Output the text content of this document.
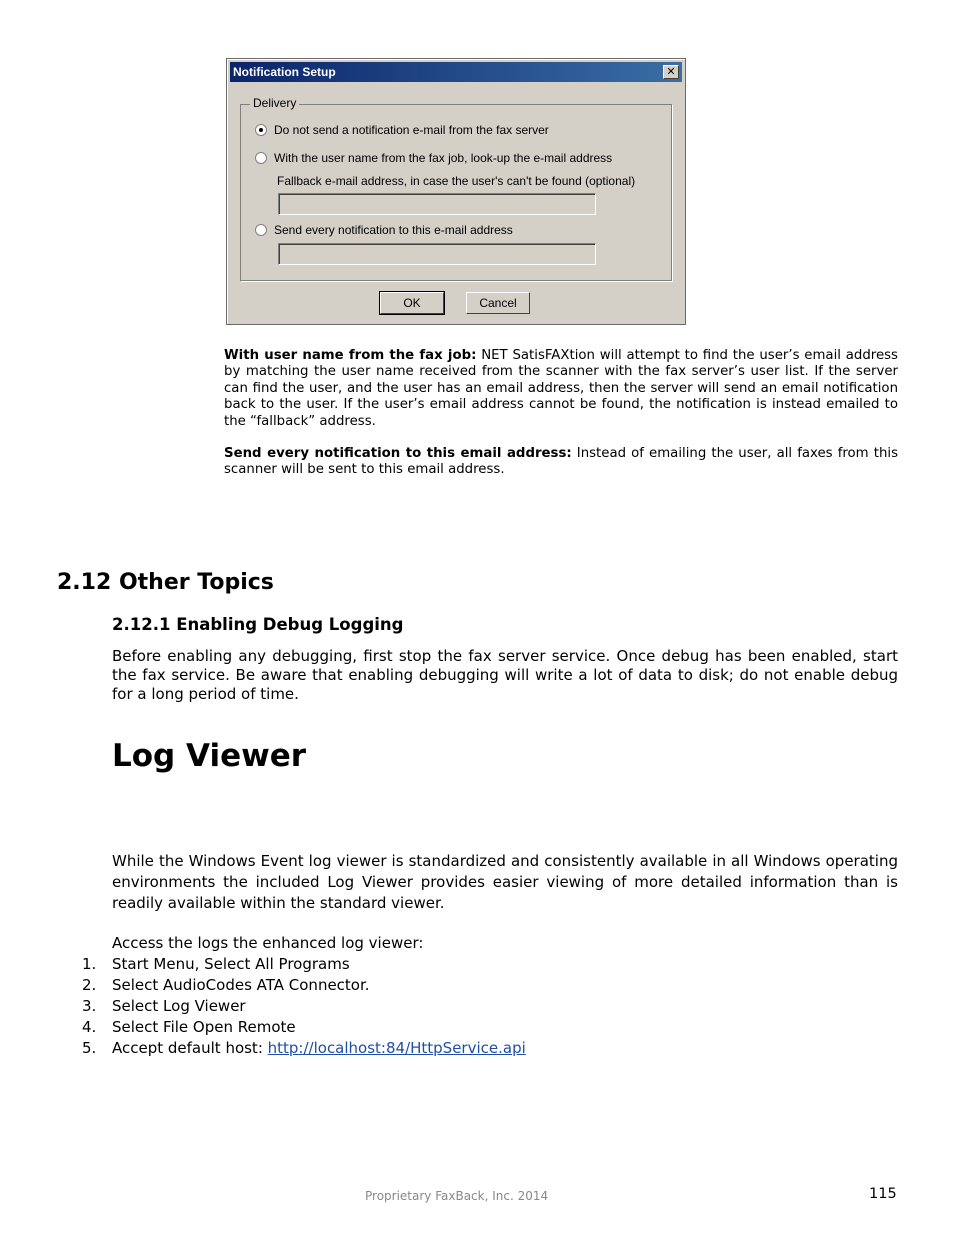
Notification Setup	✕
Delivery
Do not send a notification e-mail from the fax server
With the user name from the fax job, look-up the e-mail address
Fallback e-mail address, in case the user's can't be found (optional)
Send every notification to this e-mail address
OK	Cancel
With user name from the fax job: NET SatisFAXtion will attempt to find the user’s email address by matching the user name received from the scanner with the fax server’s user list. If the server can find the user, and the user has an email address, then the server will send an email notification back to the user. If the user’s email address cannot be found, the notification is instead emailed to the “fallback” address.
Send every notification to this email address: Instead of emailing the user, all faxes from this scanner will be sent to this email address.
2.12 Other Topics
2.12.1 Enabling Debug Logging
Before enabling any debugging, first stop the fax server service. Once debug has been enabled, start the fax service. Be aware that enabling debugging will write a lot of data to disk; do not enable debug for a long period of time.
Log Viewer
While the Windows Event log viewer is standardized and consistently available in all Windows operating environments the included Log Viewer provides easier viewing of more detailed information than is readily available within the standard viewer.
Access the logs the enhanced log viewer:
1. Start Menu, Select All Programs
2. Select AudioCodes ATA Connector.
3. Select Log Viewer
4. Select File Open Remote
5. Accept default host: http://localhost:84/HttpService.api
Proprietary FaxBack, Inc. 2014	115
